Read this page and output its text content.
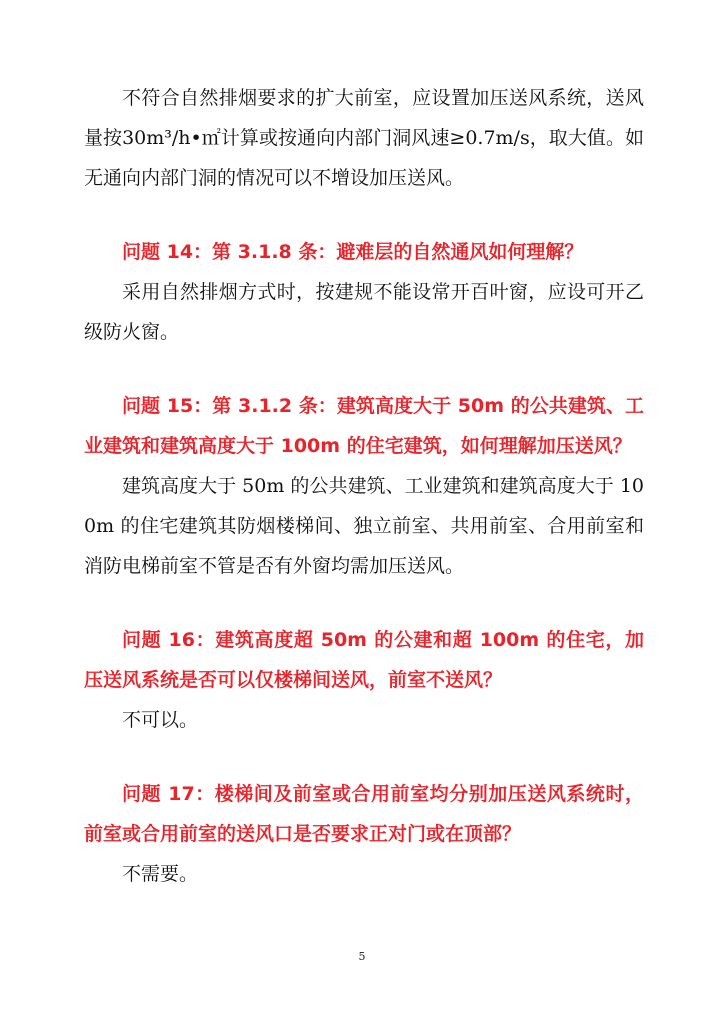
不符合自然排烟要求的扩大前室，应设置加压送风系统，送风量按30m³/h•㎡计算或按通向内部门洞风速≥0.7m/s，取大值。如无通向内部门洞的情况可以不增设加压送风。

问题 14：第 3.1.8 条：避难层的自然通风如何理解？

采用自然排烟方式时，按建规不能设常开百叶窗，应设可开乙级防火窗。

问题 15：第 3.1.2 条：建筑高度大于 50m 的公共建筑、工业建筑和建筑高度大于 100m 的住宅建筑，如何理解加压送风？

建筑高度大于 50m 的公共建筑、工业建筑和建筑高度大于 100m 的住宅建筑其防烟楼梯间、独立前室、共用前室、合用前室和消防电梯前室不管是否有外窗均需加压送风。

问题 16：建筑高度超 50m 的公建和超 100m 的住宅，加压送风系统是否可以仅楼梯间送风，前室不送风？

不可以。

问题 17：楼梯间及前室或合用前室均分别加压送风系统时，前室或合用前室的送风口是否要求正对门或在顶部？

不需要。

5
